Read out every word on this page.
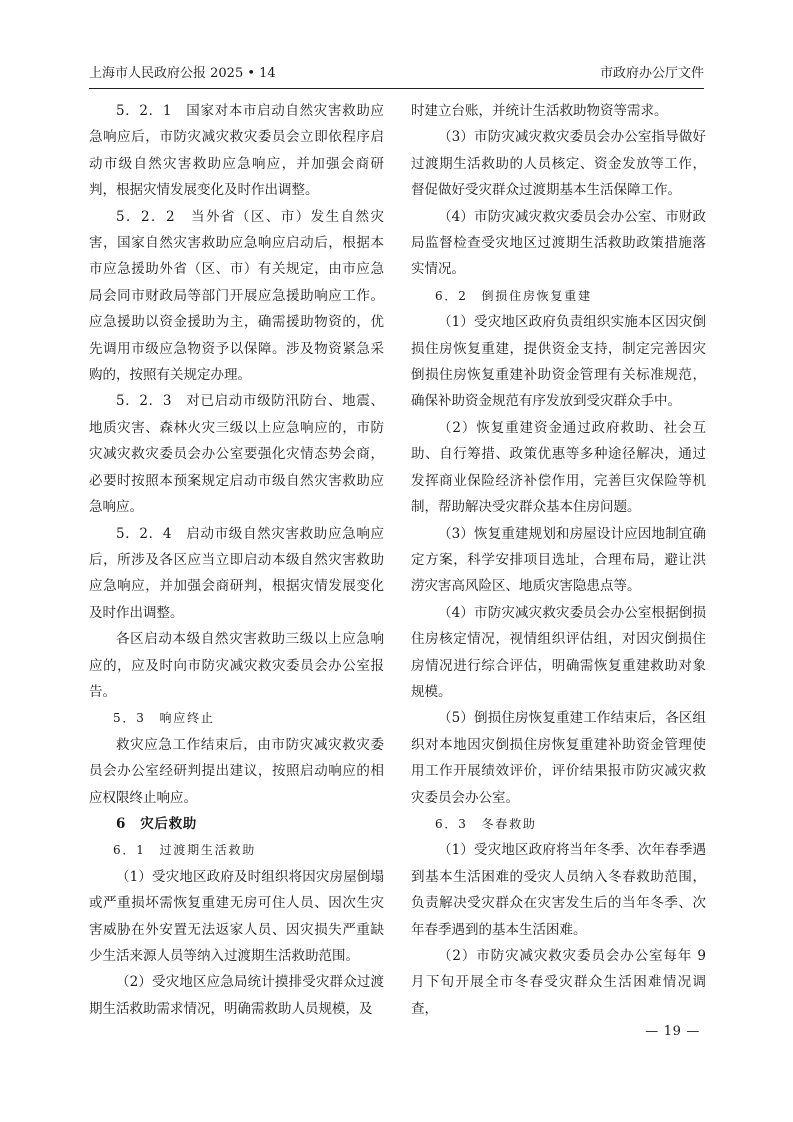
上海市人民政府公报 2025 • 14	市政府办公厅文件

5．2．1　国家对本市启动自然灾害救助应急响应后，市防灾减灾救灾委员会立即依程序启动市级自然灾害救助应急响应，并加强会商研判，根据灾情发展变化及时作出调整。

5．2．2　当外省（区、市）发生自然灾害，国家自然灾害救助应急响应启动后，根据本市应急援助外省（区、市）有关规定，由市应急局会同市财政局等部门开展应急援助响应工作。应急援助以资金援助为主，确需援助物资的，优先调用市级应急物资予以保障。涉及物资紧急采购的，按照有关规定办理。

5．2．3　对已启动市级防汛防台、地震、地质灾害、森林火灾三级以上应急响应的，市防灾减灾救灾委员会办公室要强化灾情态势会商，必要时按照本预案规定启动市级自然灾害救助应急响应。

5．2．4　启动市级自然灾害救助应急响应后，所涉及各区应当立即启动本级自然灾害救助应急响应，并加强会商研判，根据灾情发展变化及时作出调整。

各区启动本级自然灾害救助三级以上应急响应的，应及时向市防灾减灾救灾委员会办公室报告。

5．3　响应终止

救灾应急工作结束后，由市防灾减灾救灾委员会办公室经研判提出建议，按照启动响应的相应权限终止响应。

6　灾后救助

6．1　过渡期生活救助

（1）受灾地区政府及时组织将因灾房屋倒塌或严重损坏需恢复重建无房可住人员、因次生灾害威胁在外安置无法返家人员、因灾损失严重缺少生活来源人员等纳入过渡期生活救助范围。

（2）受灾地区应急局统计摸排受灾群众过渡期生活救助需求情况，明确需救助人员规模，及

时建立台账，并统计生活救助物资等需求。

（3）市防灾减灾救灾委员会办公室指导做好过渡期生活救助的人员核定、资金发放等工作，督促做好受灾群众过渡期基本生活保障工作。

（4）市防灾减灾救灾委员会办公室、市财政局监督检查受灾地区过渡期生活救助政策措施落实情况。

6．2　倒损住房恢复重建

（1）受灾地区政府负责组织实施本区因灾倒损住房恢复重建，提供资金支持，制定完善因灾倒损住房恢复重建补助资金管理有关标准规范，确保补助资金规范有序发放到受灾群众手中。

（2）恢复重建资金通过政府救助、社会互助、自行筹措、政策优惠等多种途径解决，通过发挥商业保险经济补偿作用，完善巨灾保险等机制，帮助解决受灾群众基本住房问题。

（3）恢复重建规划和房屋设计应因地制宜确定方案，科学安排项目选址，合理布局，避让洪涝灾害高风险区、地质灾害隐患点等。

（4）市防灾减灾救灾委员会办公室根据倒损住房核定情况，视情组织评估组，对因灾倒损住房情况进行综合评估，明确需恢复重建救助对象规模。

（5）倒损住房恢复重建工作结束后，各区组织对本地因灾倒损住房恢复重建补助资金管理使用工作开展绩效评价，评价结果报市防灾减灾救灾委员会办公室。

6．3　冬春救助

（1）受灾地区政府将当年冬季、次年春季遇到基本生活困难的受灾人员纳入冬春救助范围，负责解决受灾群众在灾害发生后的当年冬季、次年春季遇到的基本生活困难。

（2）市防灾减灾救灾委员会办公室每年 9 月下旬开展全市冬春受灾群众生活困难情况调查，

— 19 —
